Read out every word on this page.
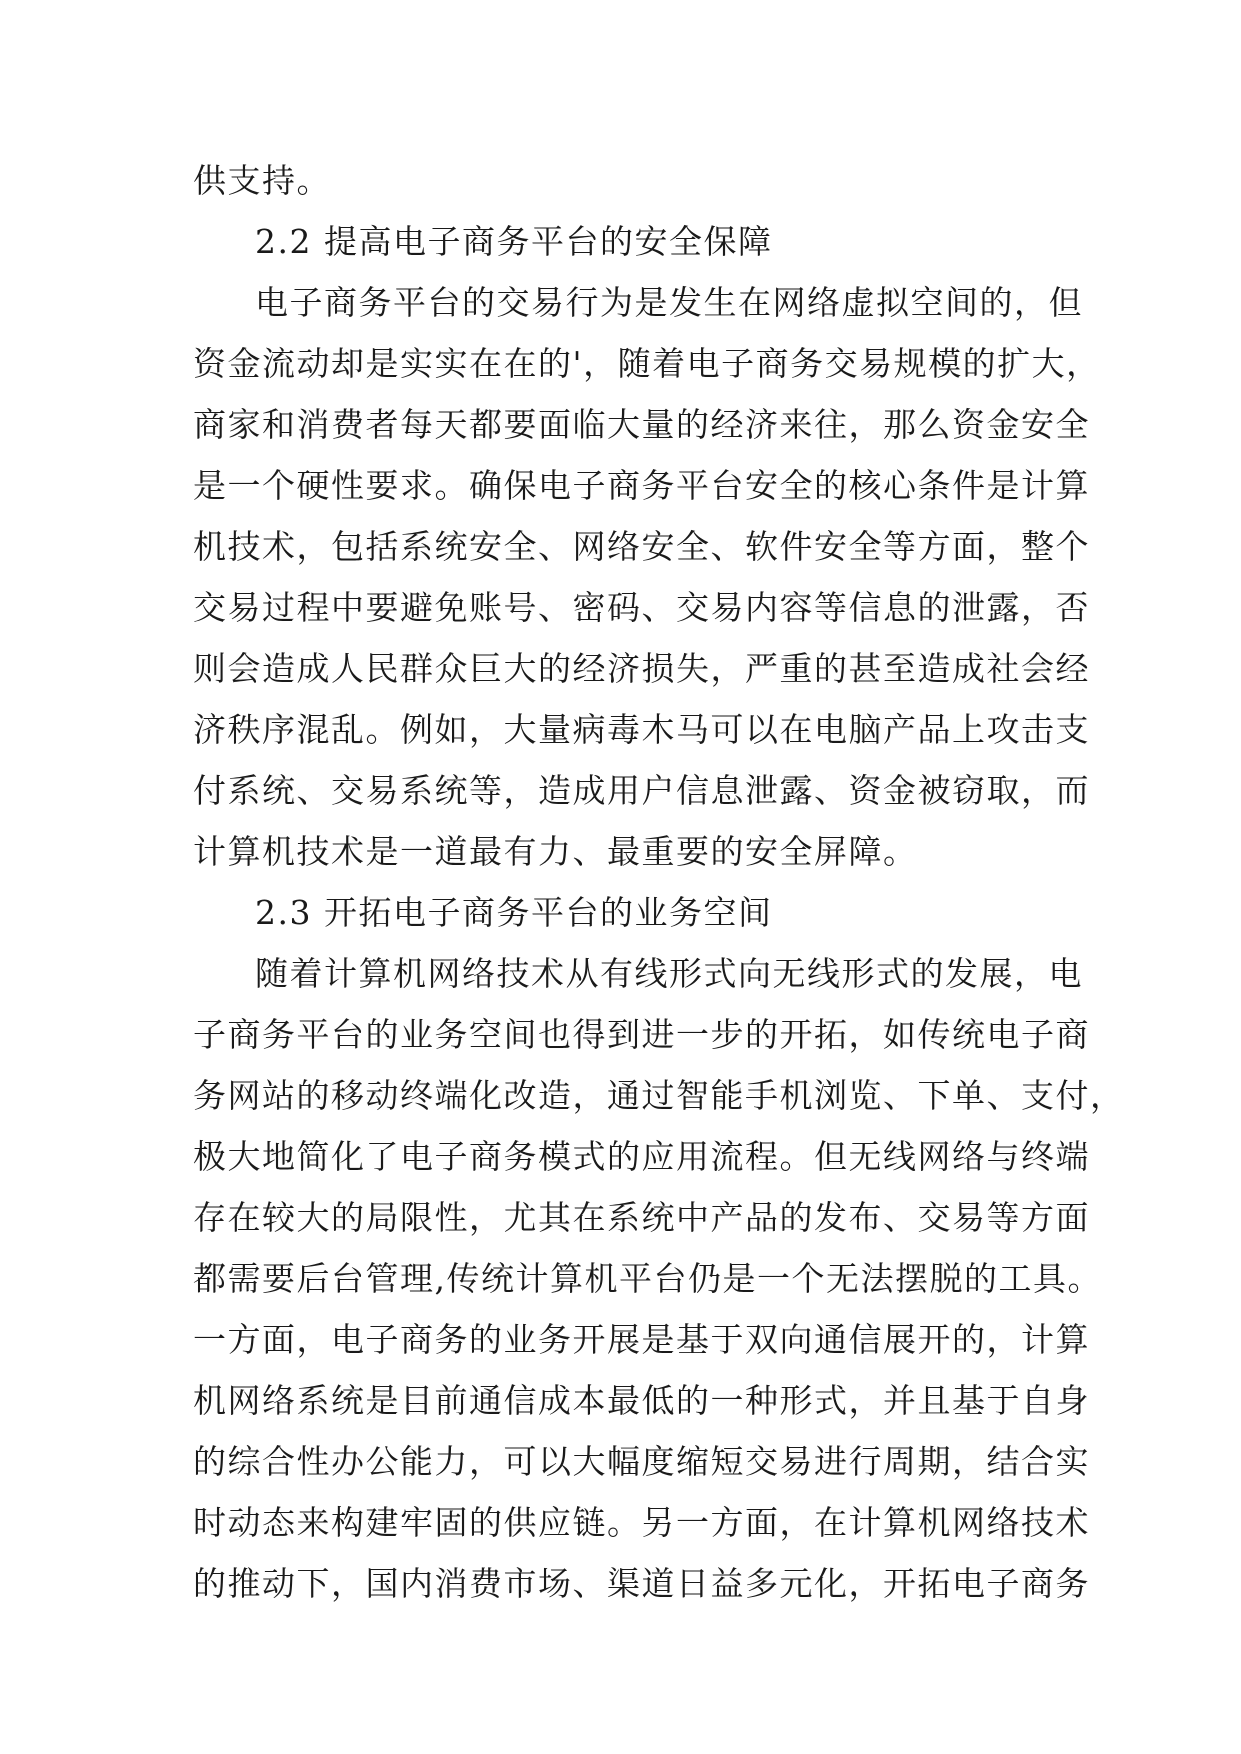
供支持。
2.2 提高电子商务平台的安全保障
电子商务平台的交易行为是发生在网络虚拟空间的，但
资金流动却是实实在在的'，随着电子商务交易规模的扩大，
商家和消费者每天都要面临大量的经济来往，那么资金安全
是一个硬性要求。确保电子商务平台安全的核心条件是计算
机技术，包括系统安全、网络安全、软件安全等方面，整个
交易过程中要避免账号、密码、交易内容等信息的泄露，否
则会造成人民群众巨大的经济损失，严重的甚至造成社会经
济秩序混乱。例如，大量病毒木马可以在电脑产品上攻击支
付系统、交易系统等，造成用户信息泄露、资金被窃取，而
计算机技术是一道最有力、最重要的安全屏障。
2.3 开拓电子商务平台的业务空间
随着计算机网络技术从有线形式向无线形式的发展，电
子商务平台的业务空间也得到进一步的开拓，如传统电子商
务网站的移动终端化改造，通过智能手机浏览、下单、支付，
极大地简化了电子商务模式的应用流程。但无线网络与终端
存在较大的局限性，尤其在系统中产品的发布、交易等方面
都需要后台管理,传统计算机平台仍是一个无法摆脱的工具。
一方面，电子商务的业务开展是基于双向通信展开的，计算
机网络系统是目前通信成本最低的一种形式，并且基于自身
的综合性办公能力，可以大幅度缩短交易进行周期，结合实
时动态来构建牢固的供应链。另一方面，在计算机网络技术
的推动下，国内消费市场、渠道日益多元化，开拓电子商务
